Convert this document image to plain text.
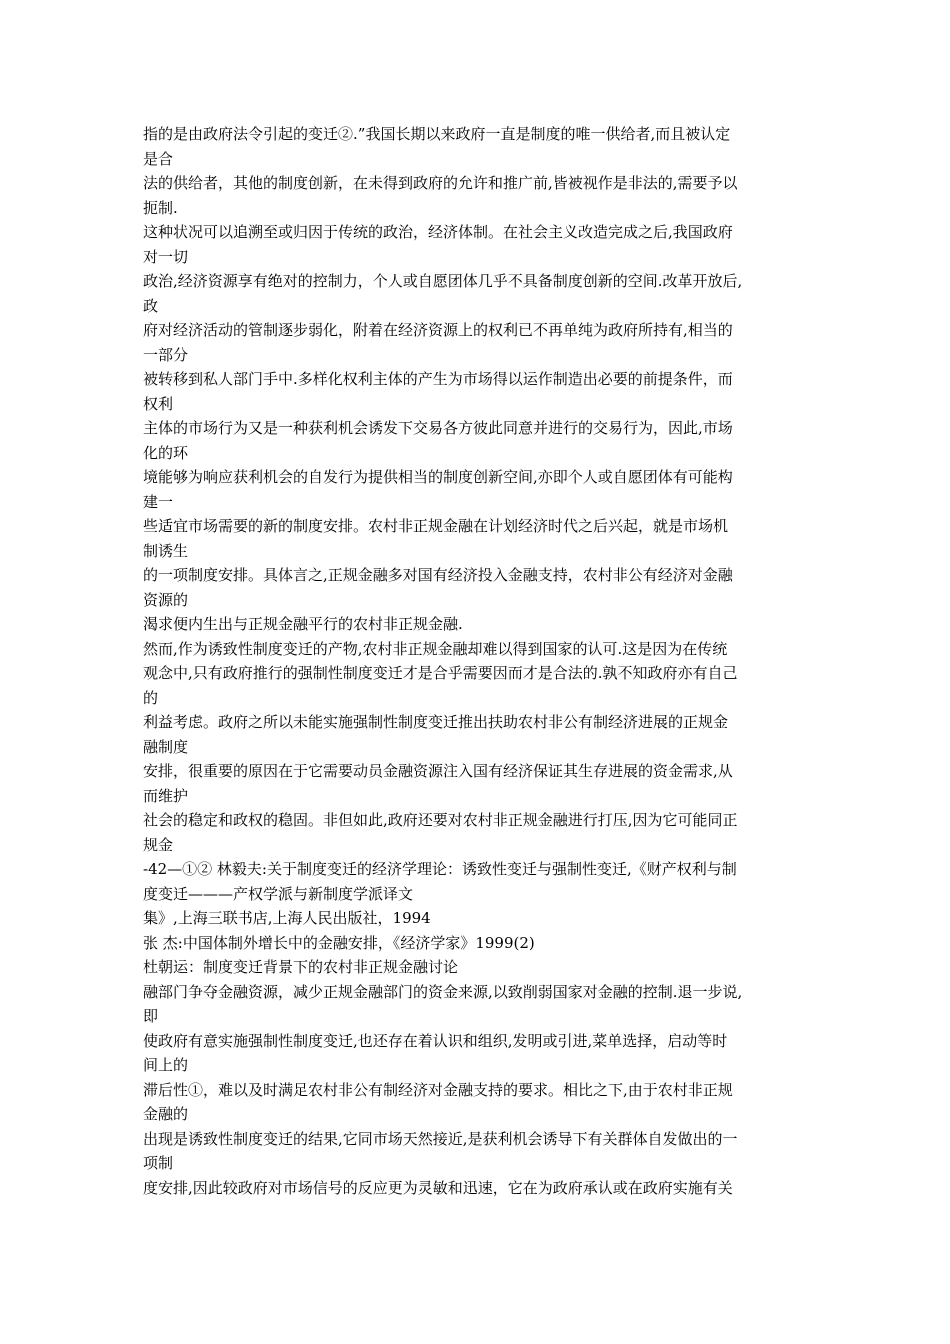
指的是由政府法令引起的变迁②.”我国长期以来政府一直是制度的唯一供给者,而且被认定
是合
法的供给者，其他的制度创新，在未得到政府的允许和推广前,皆被视作是非法的,需要予以
扼制.
这种状况可以追溯至或归因于传统的政治，经济体制。在社会主义改造完成之后,我国政府
对一切
政治,经济资源享有绝对的控制力，个人或自愿团体几乎不具备制度创新的空间.改革开放后,
政
府对经济活动的管制逐步弱化，附着在经济资源上的权利已不再单纯为政府所持有,相当的
一部分
被转移到私人部门手中.多样化权利主体的产生为市场得以运作制造出必要的前提条件，而
权利
主体的市场行为又是一种获利机会诱发下交易各方彼此同意并进行的交易行为，因此,市场
化的环
境能够为响应获利机会的自发行为提供相当的制度创新空间,亦即个人或自愿团体有可能构
建一
些适宜市场需要的新的制度安排。农村非正规金融在计划经济时代之后兴起，就是市场机
制诱生
的一项制度安排。具体言之,正规金融多对国有经济投入金融支持，农村非公有经济对金融
资源的
渴求便内生出与正规金融平行的农村非正规金融.
然而,作为诱致性制度变迁的产物,农村非正规金融却难以得到国家的认可.这是因为在传统
观念中,只有政府推行的强制性制度变迁才是合乎需要因而才是合法的.孰不知政府亦有自己
的
利益考虑。政府之所以未能实施强制性制度变迁推出扶助农村非公有制经济进展的正规金
融制度
安排，很重要的原因在于它需要动员金融资源注入国有经济保证其生存进展的资金需求,从
而维护
社会的稳定和政权的稳固。非但如此,政府还要对农村非正规金融进行打压,因为它可能同正
规金
-42—①② 林毅夫:关于制度变迁的经济学理论：诱致性变迁与强制性变迁,《财产权利与制
度变迁———产权学派与新制度学派译文
集》,上海三联书店,上海人民出版社，1994
张 杰:中国体制外增长中的金融安排，《经济学家》1999(2)
杜朝运：制度变迁背景下的农村非正规金融讨论
融部门争夺金融资源，减少正规金融部门的资金来源,以致削弱国家对金融的控制.退一步说,
即
使政府有意实施强制性制度变迁,也还存在着认识和组织,发明或引进,菜单选择，启动等时
间上的
滞后性①，难以及时满足农村非公有制经济对金融支持的要求。相比之下,由于农村非正规
金融的
出现是诱致性制度变迁的结果,它同市场天然接近,是获利机会诱导下有关群体自发做出的一
项制
度安排,因此较政府对市场信号的反应更为灵敏和迅速，它在为政府承认或在政府实施有关
